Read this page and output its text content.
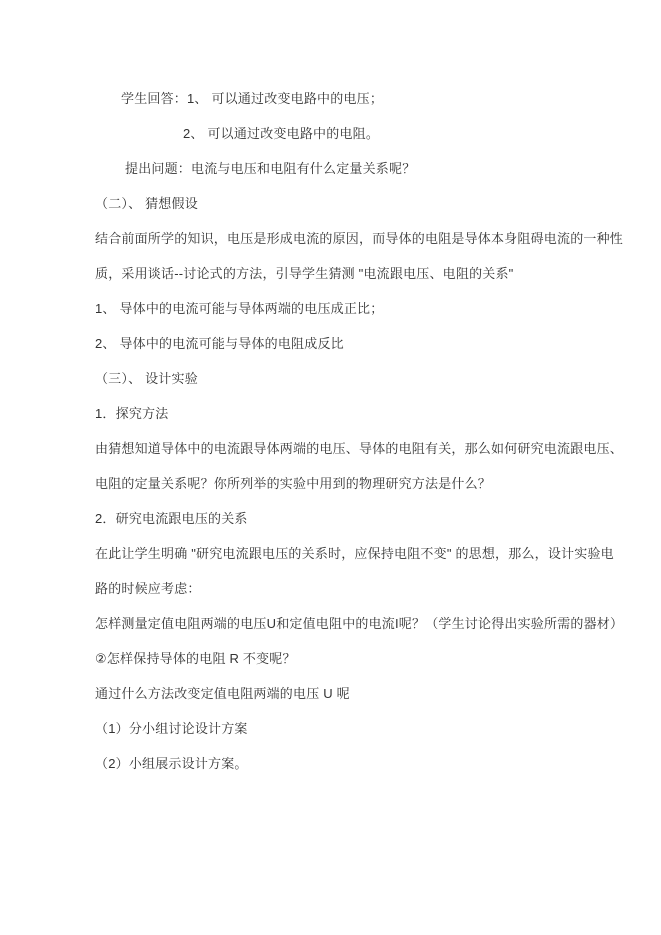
学生回答：1、 可以通过改变电路中的电压；
2、 可以通过改变电路中的电阻。
提出问题：电流与电压和电阻有什么定量关系呢？
（二）、 猜想假设
结合前面所学的知识，电压是形成电流的原因，而导体的电阻是导体本身阻碍电流的一种性
质，采用谈话--讨论式的方法，引导学生猜测 "电流跟电压、电阻的关系"
1、 导体中的电流可能与导体两端的电压成正比；
2、 导体中的电流可能与导体的电阻成反比
（三）、 设计实验
1．探究方法
由猜想知道导体中的电流跟导体两端的电压、导体的电阻有关，那么如何研究电流跟电压、
电阻的定量关系呢？你所列举的实验中用到的物理研究方法是什么？
2．研究电流跟电压的关系
在此让学生明确 "研究电流跟电压的关系时，应保持电阻不变" 的思想，那么，设计实验电
路的时候应考虑：
怎样测量定值电阻两端的电压U和定值电阻中的电流I呢？（学生讨论得出实验所需的器材）
②怎样保持导体的电阻 R 不变呢？
通过什么方法改变定值电阻两端的电压 U 呢
（1）分小组讨论设计方案
（2）小组展示设计方案。
